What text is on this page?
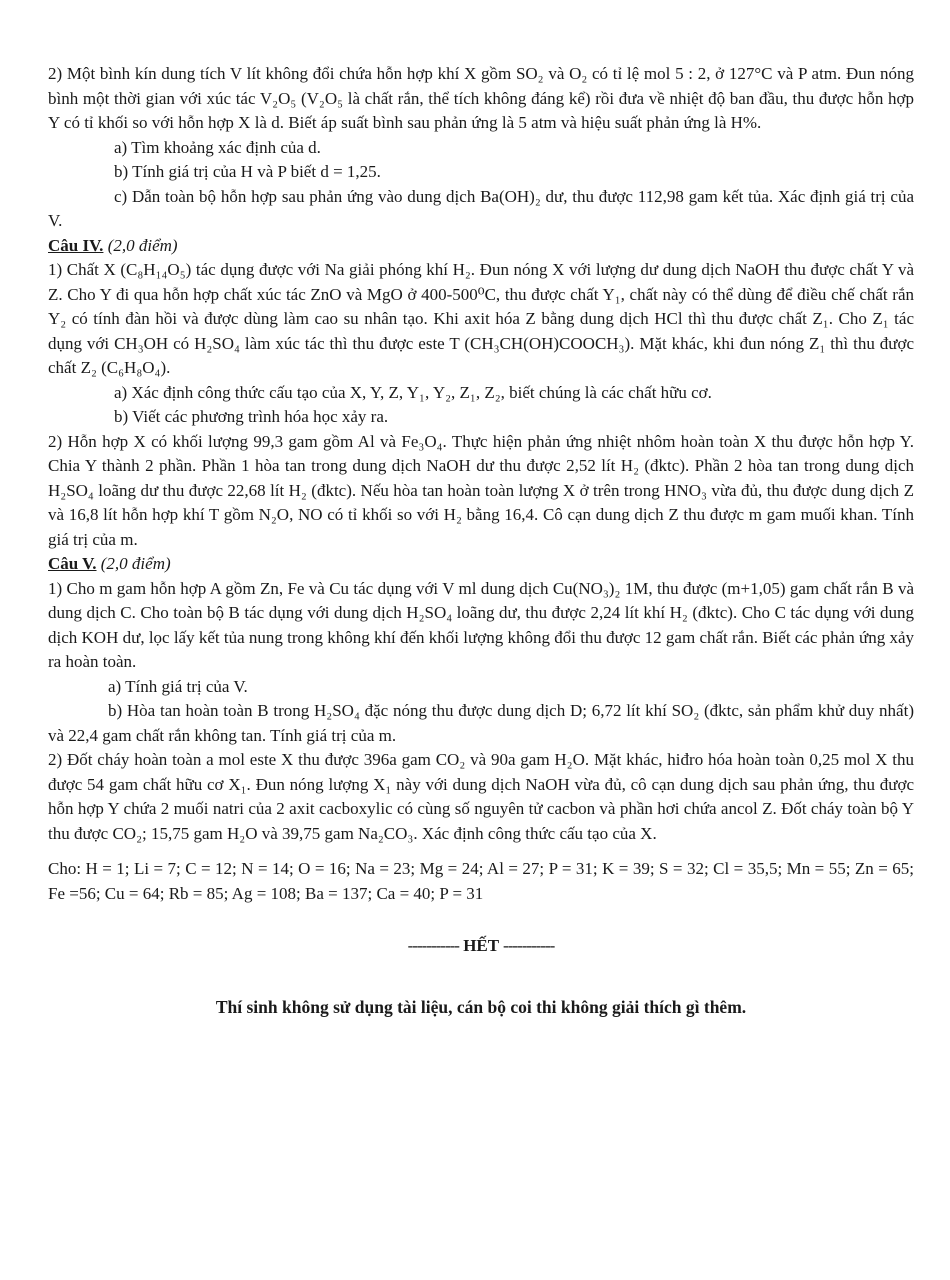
2) Một bình kín dung tích V lít không đổi chứa hỗn hợp khí X gồm SO₂ và O₂ có tỉ lệ mol 5 : 2, ở 127°C và P atm. Đun nóng bình một thời gian với xúc tác V₂O₅ (V₂O₅ là chất rắn, thể tích không đáng kể) rồi đưa về nhiệt độ ban đầu, thu được hỗn hợp Y có tỉ khối so với hỗn hợp X là d. Biết áp suất bình sau phản ứng là 5 atm và hiệu suất phản ứng là H%.

a) Tìm khoảng xác định của d.

b) Tính giá trị của H và P biết d = 1,25.

c) Dẫn toàn bộ hỗn hợp sau phản ứng vào dung dịch Ba(OH)₂ dư, thu được 112,98 gam kết tủa. Xác định giá trị của V.

Câu IV. (2,0 điểm)

1) Chất X (C₈H₁₄O₅) tác dụng được với Na giải phóng khí H₂. Đun nóng X với lượng dư dung dịch NaOH thu được chất Y và Z. Cho Y đi qua hỗn hợp chất xúc tác ZnO và MgO ở 400-500⁰C, thu được chất Y₁, chất này có thể dùng để điều chế chất rắn Y₂ có tính đàn hồi và được dùng làm cao su nhân tạo. Khi axit hóa Z bằng dung dịch HCl thì thu được chất Z₁. Cho Z₁ tác dụng với CH₃OH có H₂SO₄ làm xúc tác thì thu được este T (CH₃CH(OH)COOCH₃). Mặt khác, khi đun nóng Z₁ thì thu được chất Z₂ (C₆H₈O₄).

a) Xác định công thức cấu tạo của X, Y, Z, Y₁, Y₂, Z₁, Z₂, biết chúng là các chất hữu cơ.

b) Viết các phương trình hóa học xảy ra.

2) Hỗn hợp X có khối lượng 99,3 gam gồm Al và Fe₃O₄. Thực hiện phản ứng nhiệt nhôm hoàn toàn X thu được hỗn hợp Y. Chia Y thành 2 phần. Phần 1 hòa tan trong dung dịch NaOH dư thu được 2,52 lít H₂ (đktc). Phần 2 hòa tan trong dung dịch H₂SO₄ loãng dư thu được 22,68 lít H₂ (đktc). Nếu hòa tan hoàn toàn lượng X ở trên trong HNO₃ vừa đủ, thu được dung dịch Z và 16,8 lít hỗn hợp khí T gồm N₂O, NO có tỉ khối so với H₂ bằng 16,4. Cô cạn dung dịch Z thu được m gam muối khan. Tính giá trị của m.

Câu V. (2,0 điểm)

1) Cho m gam hỗn hợp A gồm Zn, Fe và Cu tác dụng với V ml dung dịch Cu(NO₃)₂ 1M, thu được (m+1,05) gam chất rắn B và dung dịch C. Cho toàn bộ B tác dụng với dung dịch H₂SO₄ loãng dư, thu được 2,24 lít khí H₂ (đktc). Cho C tác dụng với dung dịch KOH dư, lọc lấy kết tủa nung trong không khí đến khối lượng không đổi thu được 12 gam chất rắn. Biết các phản ứng xảy ra hoàn toàn.

a) Tính giá trị của V.

b) Hòa tan hoàn toàn B trong H₂SO₄ đặc nóng thu được dung dịch D; 6,72 lít khí SO₂ (đktc, sản phẩm khử duy nhất) và 22,4 gam chất rắn không tan. Tính giá trị của m.

2) Đốt cháy hoàn toàn a mol este X thu được 396a gam CO₂ và 90a gam H₂O. Mặt khác, hiđro hóa hoàn toàn 0,25 mol X thu được 54 gam chất hữu cơ X₁. Đun nóng lượng X₁ này với dung dịch NaOH vừa đủ, cô cạn dung dịch sau phản ứng, thu được hỗn hợp Y chứa 2 muối natri của 2 axit cacboxylic có cùng số nguyên tử cacbon và phần hơi chứa ancol Z. Đốt cháy toàn bộ Y thu được CO₂; 15,75 gam H₂O và 39,75 gam Na₂CO₃. Xác định công thức cấu tạo của X.

Cho: H = 1; Li = 7; C = 12; N = 14; O = 16; Na = 23; Mg = 24; Al = 27; P = 31; K = 39; S = 32; Cl = 35,5; Mn = 55; Zn = 65; Fe =56; Cu = 64; Rb = 85; Ag = 108; Ba = 137; Ca = 40; P = 31

----------- HẾT -----------

Thí sinh không sử dụng tài liệu, cán bộ coi thi không giải thích gì thêm.
